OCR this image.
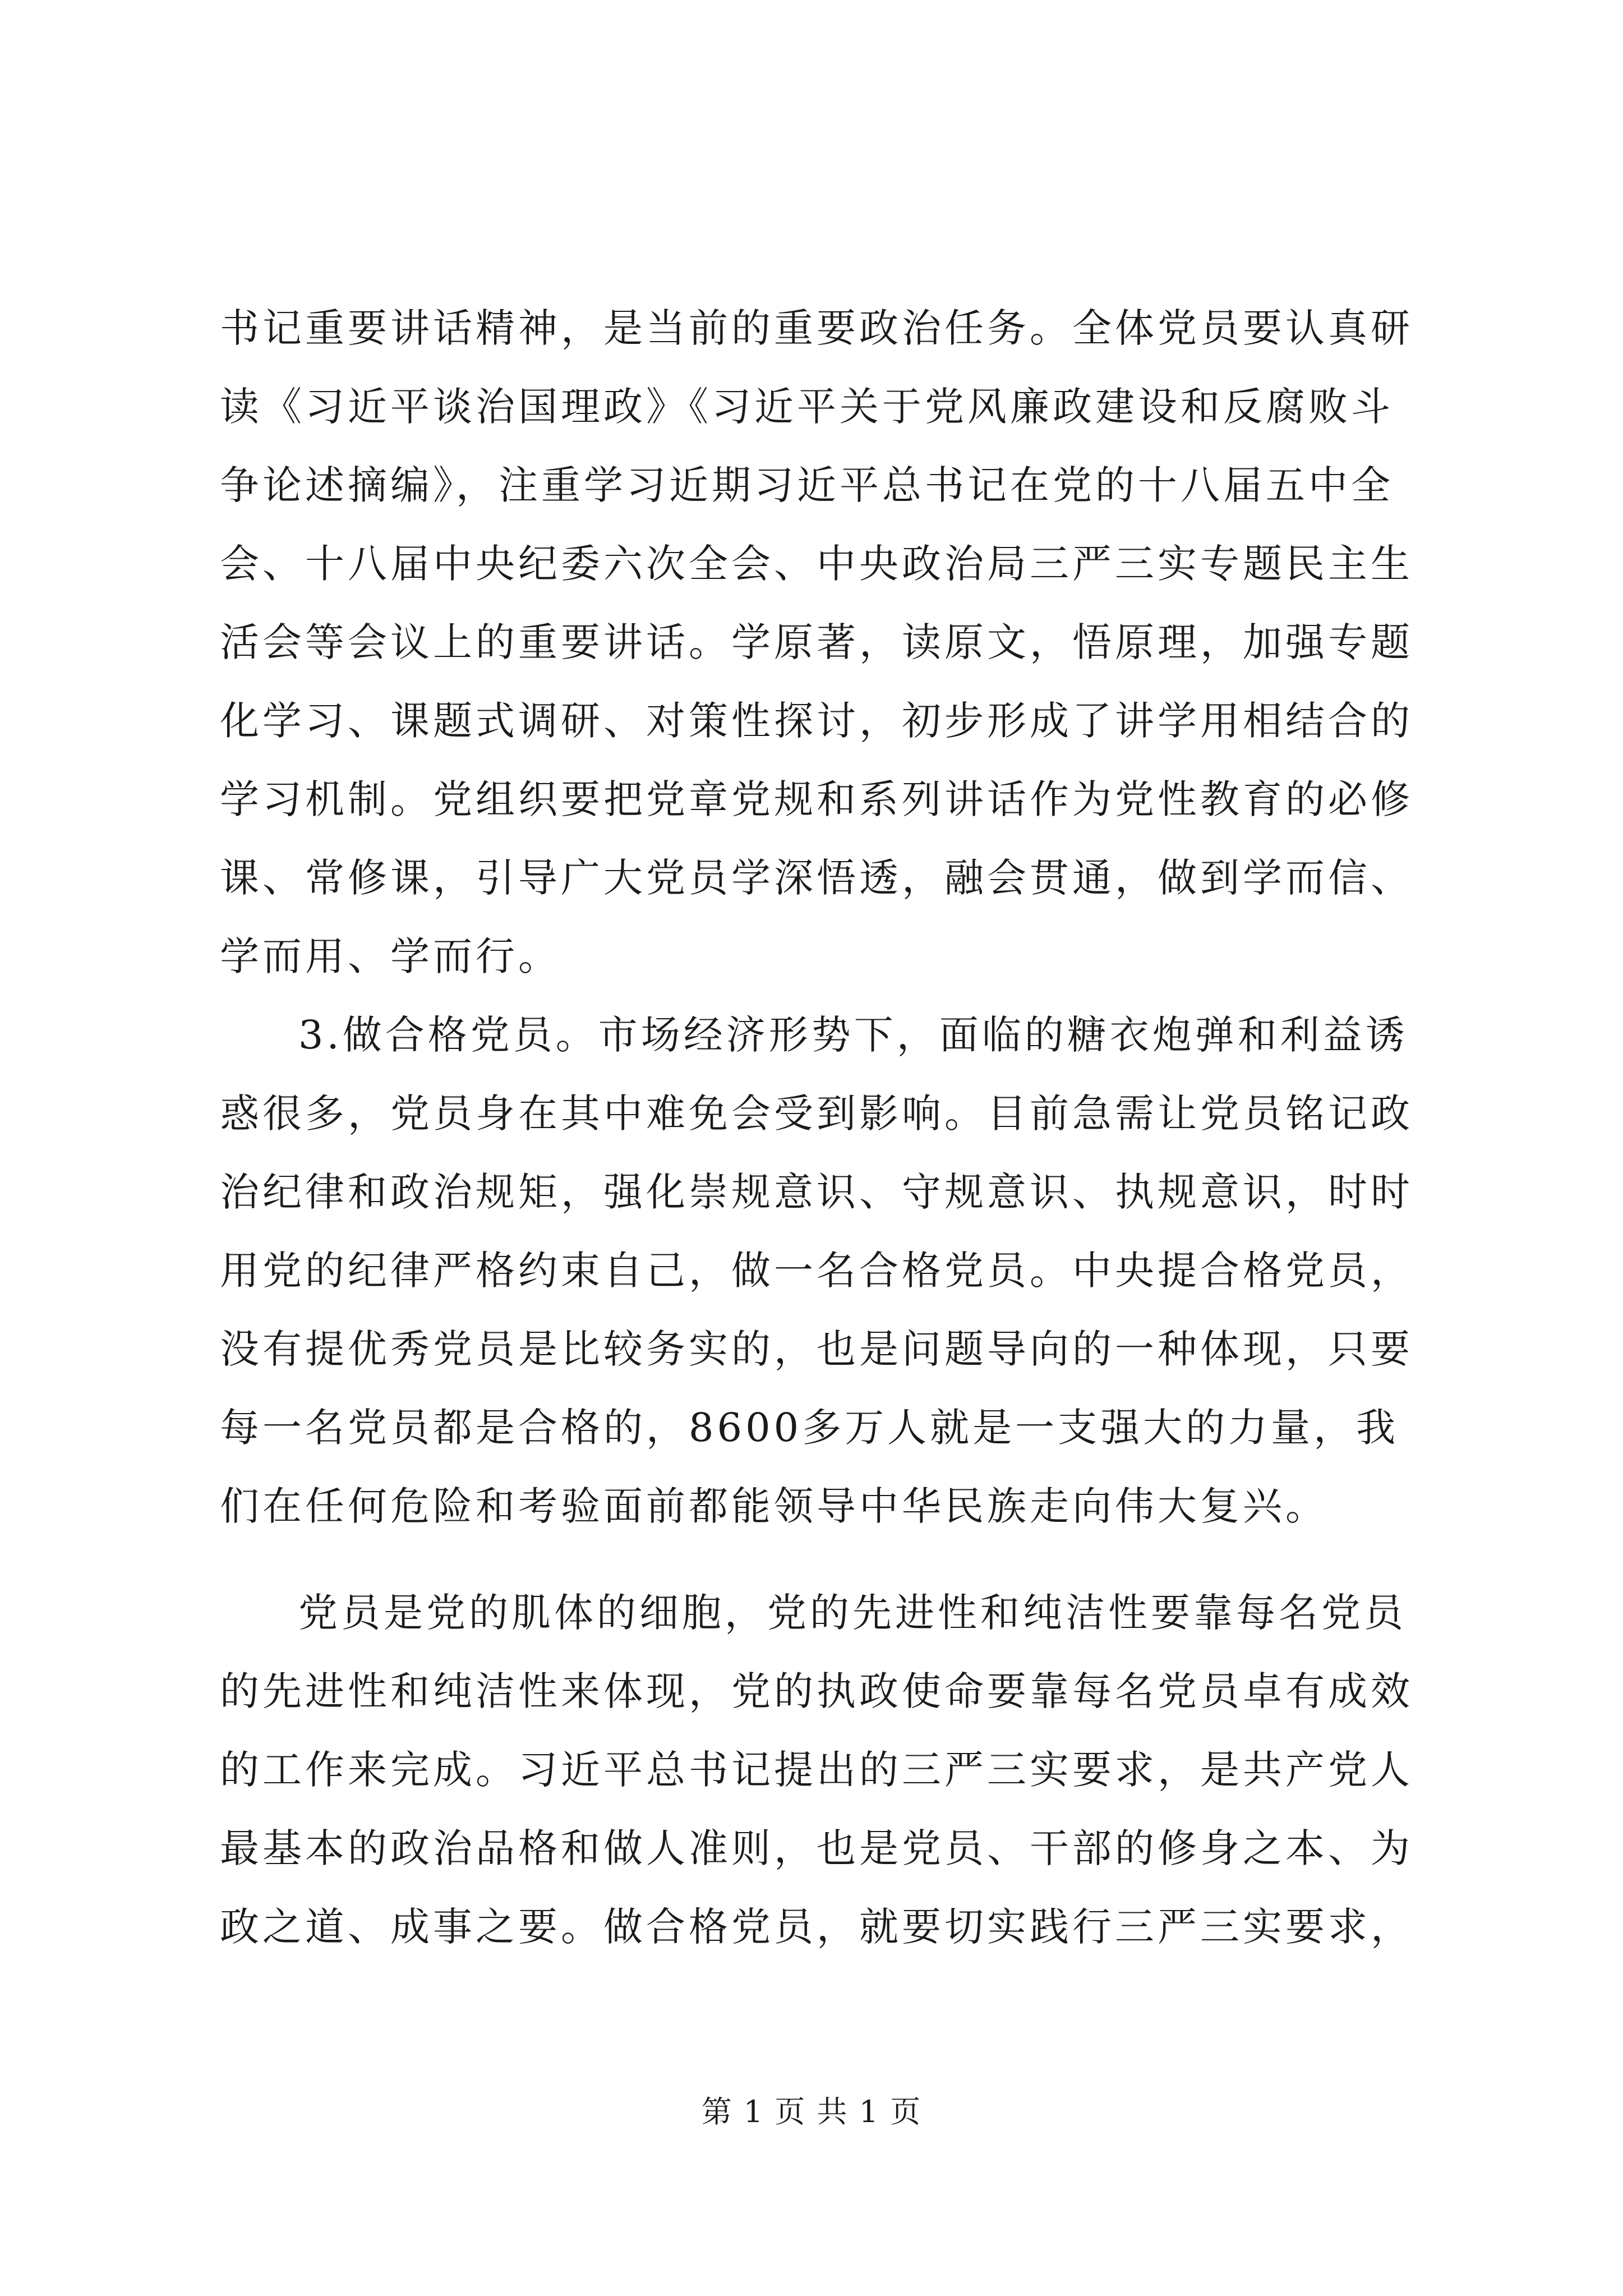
书记重要讲话精神，是当前的重要政治任务。全体党员要认真研
读《习近平谈治国理政》《习近平关于党风廉政建设和反腐败斗
争论述摘编》，注重学习近期习近平总书记在党的十八届五中全
会、十八届中央纪委六次全会、中央政治局三严三实专题民主生
活会等会议上的重要讲话。学原著，读原文，悟原理，加强专题
化学习、课题式调研、对策性探讨，初步形成了讲学用相结合的
学习机制。党组织要把党章党规和系列讲话作为党性教育的必修
课、常修课，引导广大党员学深悟透，融会贯通，做到学而信、
学而用、学而行。
3.做合格党员。市场经济形势下，面临的糖衣炮弹和利益诱
惑很多，党员身在其中难免会受到影响。目前急需让党员铭记政
治纪律和政治规矩，强化崇规意识、守规意识、执规意识，时时
用党的纪律严格约束自己，做一名合格党员。中央提合格党员，
没有提优秀党员是比较务实的，也是问题导向的一种体现，只要
每一名党员都是合格的，8600多万人就是一支强大的力量，我
们在任何危险和考验面前都能领导中华民族走向伟大复兴。
党员是党的肌体的细胞，党的先进性和纯洁性要靠每名党员
的先进性和纯洁性来体现，党的执政使命要靠每名党员卓有成效
的工作来完成。习近平总书记提出的三严三实要求，是共产党人
最基本的政治品格和做人准则，也是党员、干部的修身之本、为
政之道、成事之要。做合格党员，就要切实践行三严三实要求，
第 1 页 共 1 页
